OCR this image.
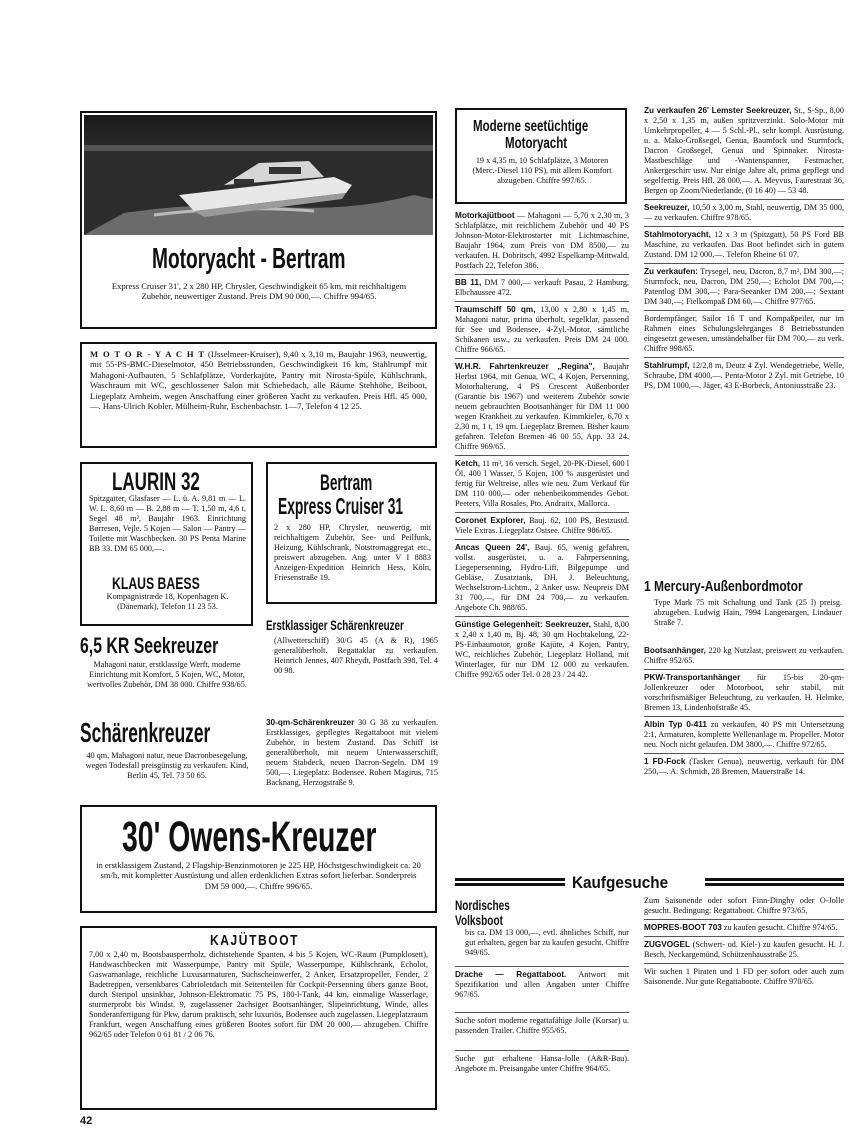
Motoryacht - Bertram

Express Cruiser 31', 2 x 280 HP, Chrysler, Geschwindigkeit 65 km, mit reichhaltigem Zubehör, neuwertiger Zustand. Preis DM 90 000,—. Chiffre 994/65.

M O T O R - Y A C H T (IJsselmeer-Kruiser), 9,40 x 3,10 m, Baujahr 1963, neuwertig, mit 55-PS-BMC-Dieselmotor, 450 Betriebsstunden, Geschwindigkeit 16 km, Stahlrumpf mit Mahagoni-Aufbauten, 5 Schlafplätze, Vorderkajüte, Pantry mit Nirosta-Spüle, Kühlschrank, Waschraum mit WC, geschlossener Salon mit Schiebedach, alle Räume Stehhöhe, Beiboot, Liegeplatz Arnheim, wegen Anschaffung einer größeren Yacht zu verkaufen. Preis Hfl. 45 000,—. Hans-Ulrich Kobler, Mülheim-Ruhr, Eschenbachstr. 1—7, Telefon 4 12 25.

LAURIN 32

Spitzgatter, Glasfaser — L. ü. A. 9,81 m — L. W. L. 8,60 m — B. 2,88 m — T. 1,50 m, 4,6 t, Segel 48 m², Baujahr 1963. Einrichtung Børresen, Vejle. 5 Kojen — Salon — Pantry — Toilette mit Waschbecken. 30 PS Penta Marine BB 33. DM 65 000,—.

KLAUS BAESS

Kompagnistræde 18, Kopenhagen K. (Dänemark), Telefon 11 23 53.

Bertram
Express Cruiser 31

2 x 280 HP, Chrysler, neuwertig, mit reichhaltigem Zubehör, See- und Peilfunk, Heizung, Kühlschrank, Notstromaggregat etc., preiswert abzugeben. Ang. unter V I 8883 Anzeigen-Expedition Heinrich Hess, Köln, Friesenstraße 19.

6,5 KR Seekreuzer

Mahagoni natur, erstklassige Werft, moderne Einrichtung mit Komfort, 5 Kojen, WC, Motor, wertvolles Zubehör, DM 38 000. Chiffre 938/65.

Schärenkreuzer

40 qm, Mahagoni natur, neue Dacronbesegelung, wegen Todesfall preisgünstig zu verkaufen. Kind, Berlin 45, Tel. 73 50 65.

Erstklassiger Schärenkreuzer

(Allwetterschiff) 30/G 45 (A & R), 1965 generalüberholt. Regattaklar zu verkaufen. Heinrich Jennes, 407 Rheydt, Postfach 398, Tel. 4 00 98.

30-qm-Schärenkreuzer 30 G 38 zu verkaufen. Erstklassiges, gepflegtes Regattaboot mit vielem Zubehör, in bestem Zustand. Das Schiff ist generalüberholt, mit neuem Unterwasserschiff, neuem Stabdeck, neuen Dacron-Segeln. DM 19 500,—. Liegeplatz: Bodensee. Robert Magirus, 715 Backnang, Herzogstraße 9.

30' Owens-Kreuzer

in erstklassigem Zustand, 2 Flagship-Benzinmotoren je 225 HP, Höchstgeschwindigkeit ca. 20 sm/h, mit kompletter Ausrüstung und allen erdenklichen Extras sofort lieferbar. Sonderpreis DM 59 000,—. Chiffre 996/65.

KAJÜTBOOT

7,00 x 2,40 m, Bootsbausperrholz, dichtstehende Spanten, 4 bis 5 Kojen, WC-Raum (Pumpklosett), Handwaschbecken mit Wasserpumpe, Pantry mit Spüle, Wasserpumpe, Kühlschrank, Echolot, Gaswarnanlage, reichliche Luxusarmaturen, Suchscheinwerfer, 2 Anker, Ersatzpropeller, Fender, 2 Badetreppen, versenkbares Cabrioletdach mit Seitenteilen für Cockpit-Persenning übers ganze Boot, durch Steripol unsinkbar, Johnson-Elektromatic 75 PS, 180-l-Tank, 44 km, einmalige Wasserlage, sturmerprobt bis Windst. 9, zugelassener 2achsiger Bootsanhänger, Slipeinrichtung, Winde, alles Sonderanfertigung für Pkw, darum praktisch, sehr luxuriös, Bodensee auch zugelassen. Liegeplatzraum Frankfurt, wegen Anschaffung eines größeren Bootes sofort für DM 20 000,— abzugeben. Chiffre 962/65 oder Telefon 0 61 81 / 2 06 76.

42
Moderne seetüchtige
Motoryacht

19 x 4,35 m, 10 Schlafplätze, 3 Motoren (Merc.-Diesel 110 PS), mit allem Komfort abzugeben. Chiffre 997/65.

Motorkajütboot — Mahagoni — 5,70 x 2,30 m, 3 Schlafplätze, mit reichlichem Zubehör und 40 PS Johnson-Motor-Elektrostarter mit Lichtmaschine, Baujahr 1964, zum Preis von DM 8500,— zu verkaufen. H. Dobritsch, 4992 Espelkamp-Mittwald, Postfach 22, Telefon 386.

BB 11, DM 7 000,— verkauft Pasau, 2 Hamburg, Elbchaussee 472.

Traumschiff 50 qm, 13,00 x 2,80 x 1,45 m, Mahagoni natur, prima überholt, segelklar, passend für See und Bodensee, 4-Zyl.-Motor, sämtliche Schikanen usw., zu verkaufen. Preis DM 24 000. Chiffre 966/65.

W.H.R. Fahrtenkreuzer „Regina", Baujahr Herbst 1964, mit Genua, WC, 4 Kojen, Persenning, Motorhalterung, 4 PS Crescent Außenborder (Garantie bis 1967) und weiterem Zubehör sowie neuem gebrauchten Bootsanhänger für DM 11 000 wegen Krankheit zu verkaufen. Kimmkieler, 6,70 x 2,30 m, 1 t, 19 qm. Liegeplatz Bremen. Bisher kaum gefahren. Telefon Bremen 46 00 55, App. 33 24. Chiffre 969/65.

Ketch, 11 m³, 16 versch. Segel, 20-PK-Diesel, 600 l Öl, 400 l Wasser, 5 Kojen, 100 % ausgerüstet und fertig für Weltreise, alles wie neu. Zum Verkauf für DM 110 000,— oder nebenbeikommendes Gebot. Peeters, Villa Rosales, Pto. Andraitx, Mallorca.

Coronet Explorer, Bauj. 62, 100 PS, Bestzustd. Viele Extras. Liegeplatz Ostsee. Chiffre 986/65.

Ancas Queen 24', Bauj. 65, wenig gefahren, vollst. ausgerüstet, u. a. Fahrpersenning, Liegepersenning, Hydro-Lift, Bilgepumpe und Gebläse, Zusatztank, DH. J. Beleuchtung, Wechselstrom-Lichtm., 2 Anker usw. Neupreis DM 31 700,—, für DM 24 700,— zu verkaufen. Angebote Ch. 988/65.

Günstige Gelegenheit: Seekreuzer, Stahl, 8,00 x 2,40 x 1,40 m, Bj. 48, 30 qm Hochtakelung, 22-PS-Einbaumotor, große Kajüte, 4 Kojen, Pantry, WC, reichliches Zubehör, Liegeplatz Holland, mit Winterlager, für nur DM 12 000 zu verkaufen. Chiffre 992/65 oder Tel. 0 28 23 / 24 42.

Kaufgesuche
Nordisches
Volksboot

bis ca. DM 13 000,—, evtl. ähnliches Schiff, nur gut erhalten, gegen bar zu kaufen gesucht. Chiffre 949/65.

Drache — Regattaboot. Antwort mit Spezifikation und allen Angaben unter Chiffre 967/65.

Suche sofort moderne regattafähige Jolle (Korsar) u. passenden Trailer. Chiffre 955/65.

Suche gut erhaltene Hansa-Jolle (A&R-Bau). Angebote m. Preisangabe unter Chiffre 964/65.

Zu verkaufen 26' Lemster Seekreuzer, St., S-Sp., 8,00 x 2,50 x 1,35 m, außen spritzverzinkt. Solo-Motor mit Umkehrpropeller, 4 — 5 Schl.-Pl., sehr kompl. Ausrüstung, u. a. Mako-Großsegel, Genua, Baumfock und Sturmfock, Dacron Großsegel, Genua und Spinnaker. Nirosta-Mastbeschläge und -Wantenspanner, Festmacher, Ankergeschirr usw. Nur einige Jahre alt, prima gepflegt und segelfertig. Preis Hfl. 28 000,—. A. Meyvus, Faurestraat 36, Bergen op Zoom/Niederlande, (0 16 40) — 53 48.

Seekreuzer, 10,50 x 3,00 m, Stahl, neuwertig, DM 35 000,— zu verkaufen. Chiffre 978/65.

Stahlmotoryacht, 12 x 3 m (Spitzgatt), 50 PS Ford BB Maschine, zu verkaufen. Das Boot befindet sich in gutem Zustand. DM 12 000,—. Telefon Rheine 61 07.

Zu verkaufen: Trysegel, neu, Dacron, 8,7 m², DM 300,—; Sturmfock, neu, Dacron, DM 250,—; Echolot DM 700,—; Patentlog DM 300,—; Para-Seeanker DM 200,—; Sextant DM 340,—; Fielkompaß DM 60,—. Chiffre 977/65.

Bordempfänger, Sailor 16 T und Kompaßpeiler, nur im Rahmen eines Schulungslehrganges 8 Betriebsstunden eingesetzt gewesen, umständehalber für DM 700,— zu verk. Chiffre 998/65.

Stahlrumpf, 12/2,8 m, Deutz 4 Zyl. Wendegetriebe, Welle, Schraube, DM 4000,—. Penta-Motor 2 Zyl. mit Getriebe, 10 PS, DM 1000,—. Jäger, 43 E-Borbeck, Antoniusstraße 23.

1 Mercury-Außenbordmotor

Type Mark 75 mit Schaltung und Tank (25 l) preisg. abzugeben. Ludwig Hain, 7994 Langenargen, Lindauer Straße 7.

Bootsanhänger, 220 kg Nutzlast, preiswert zu verkaufen. Chiffre 952/65.

PKW-Transportanhänger für 15-bis 20-qm-Jollenkreuzer oder Motorboot, sehr stabil, mit vorschriftsmäßiger Beleuchtung, zu verkaufen. H. Helmke, Bremen 13, Lindenhofstraße 45.

Albin Typ 0-411 zu verkaufen, 40 PS mit Untersetzung 2:1, Armaturen, komplette Wellenanlage m. Propeller. Motor neu. Noch nicht gelaufen. DM 3800,—. Chiffre 972/65.

1 FD-Fock (Tasker Genua), neuwertig, verkauft für DM 250,—. A. Schmidt, 28 Bremen, Mauerstraße 14.

Zum Saisonende oder sofort Finn-Dinghy oder O-Jolle gesucht. Bedingung: Regattaboot. Chiffre 973/65.

MOPRES-BOOT 703 zu kaufen gesucht. Chiffre 974/65.

ZUGVOGEL (Schwert- od. Kiel-) zu kaufen gesucht. H. J. Besch, Neckargemünd, Schützenhausstraße 25.

Wir suchen 1 Piraten und 1 FD per sofort oder auch zum Saisonende. Nur gute Regattaboote. Chiffre 970/65.
